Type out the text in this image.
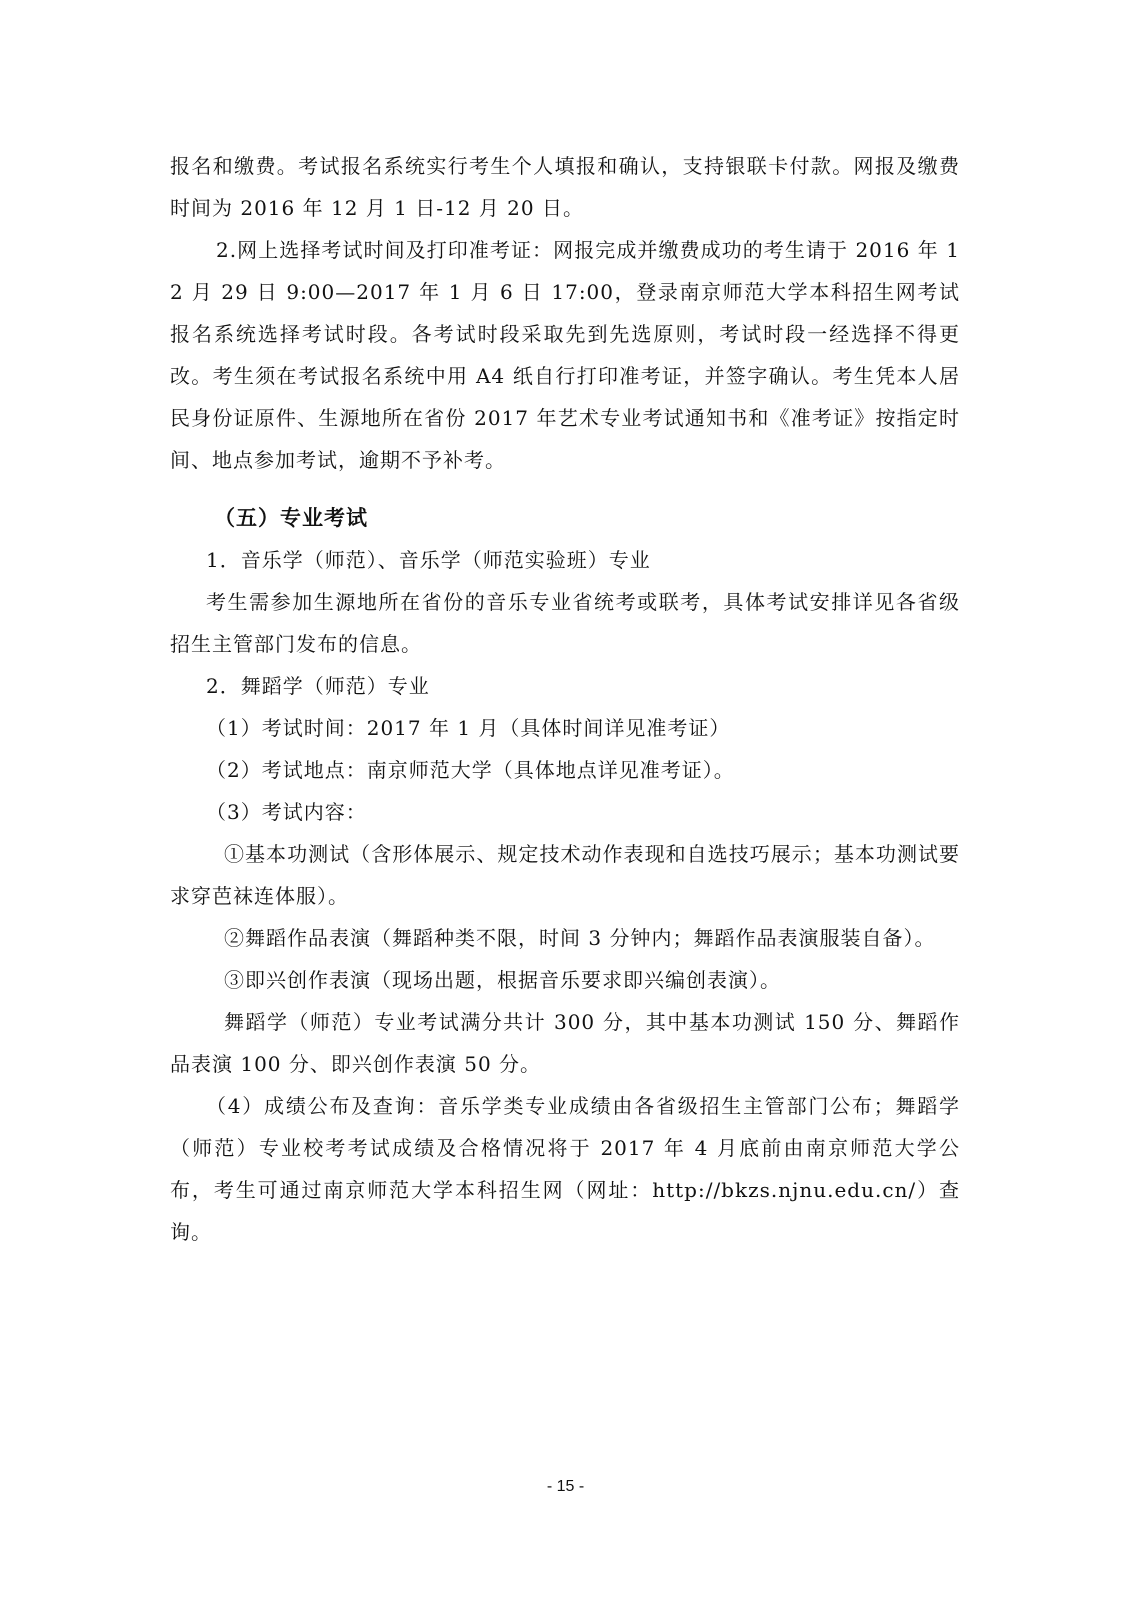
报名和缴费。考试报名系统实行考生个人填报和确认，支持银联卡付款。网报及缴费时间为 2016 年 12 月 1 日-12 月 20 日。

2.网上选择考试时间及打印准考证：网报完成并缴费成功的考生请于 2016 年 12 月 29 日 9:00—2017 年 1 月 6 日 17:00，登录南京师范大学本科招生网考试报名系统选择考试时段。各考试时段采取先到先选原则，考试时段一经选择不得更改。考生须在考试报名系统中用 A4 纸自行打印准考证，并签字确认。考生凭本人居民身份证原件、生源地所在省份 2017 年艺术专业考试通知书和《准考证》按指定时间、地点参加考试，逾期不予补考。

（五）专业考试

1．音乐学（师范）、音乐学（师范实验班）专业

考生需参加生源地所在省份的音乐专业省统考或联考，具体考试安排详见各省级招生主管部门发布的信息。

2．舞蹈学（师范）专业

（1）考试时间：2017 年 1 月（具体时间详见准考证）

（2）考试地点：南京师范大学（具体地点详见准考证）。

（3）考试内容：

①基本功测试（含形体展示、规定技术动作表现和自选技巧展示；基本功测试要求穿芭袜连体服）。

②舞蹈作品表演（舞蹈种类不限，时间 3 分钟内；舞蹈作品表演服装自备）。

③即兴创作表演（现场出题，根据音乐要求即兴编创表演）。

舞蹈学（师范）专业考试满分共计 300 分，其中基本功测试 150 分、舞蹈作品表演 100 分、即兴创作表演 50 分。

（4）成绩公布及查询：音乐学类专业成绩由各省级招生主管部门公布；舞蹈学（师范）专业校考考试成绩及合格情况将于 2017 年 4 月底前由南京师范大学公布，考生可通过南京师范大学本科招生网（网址：http://bkzs.njnu.edu.cn/）查询。

- 15 -
